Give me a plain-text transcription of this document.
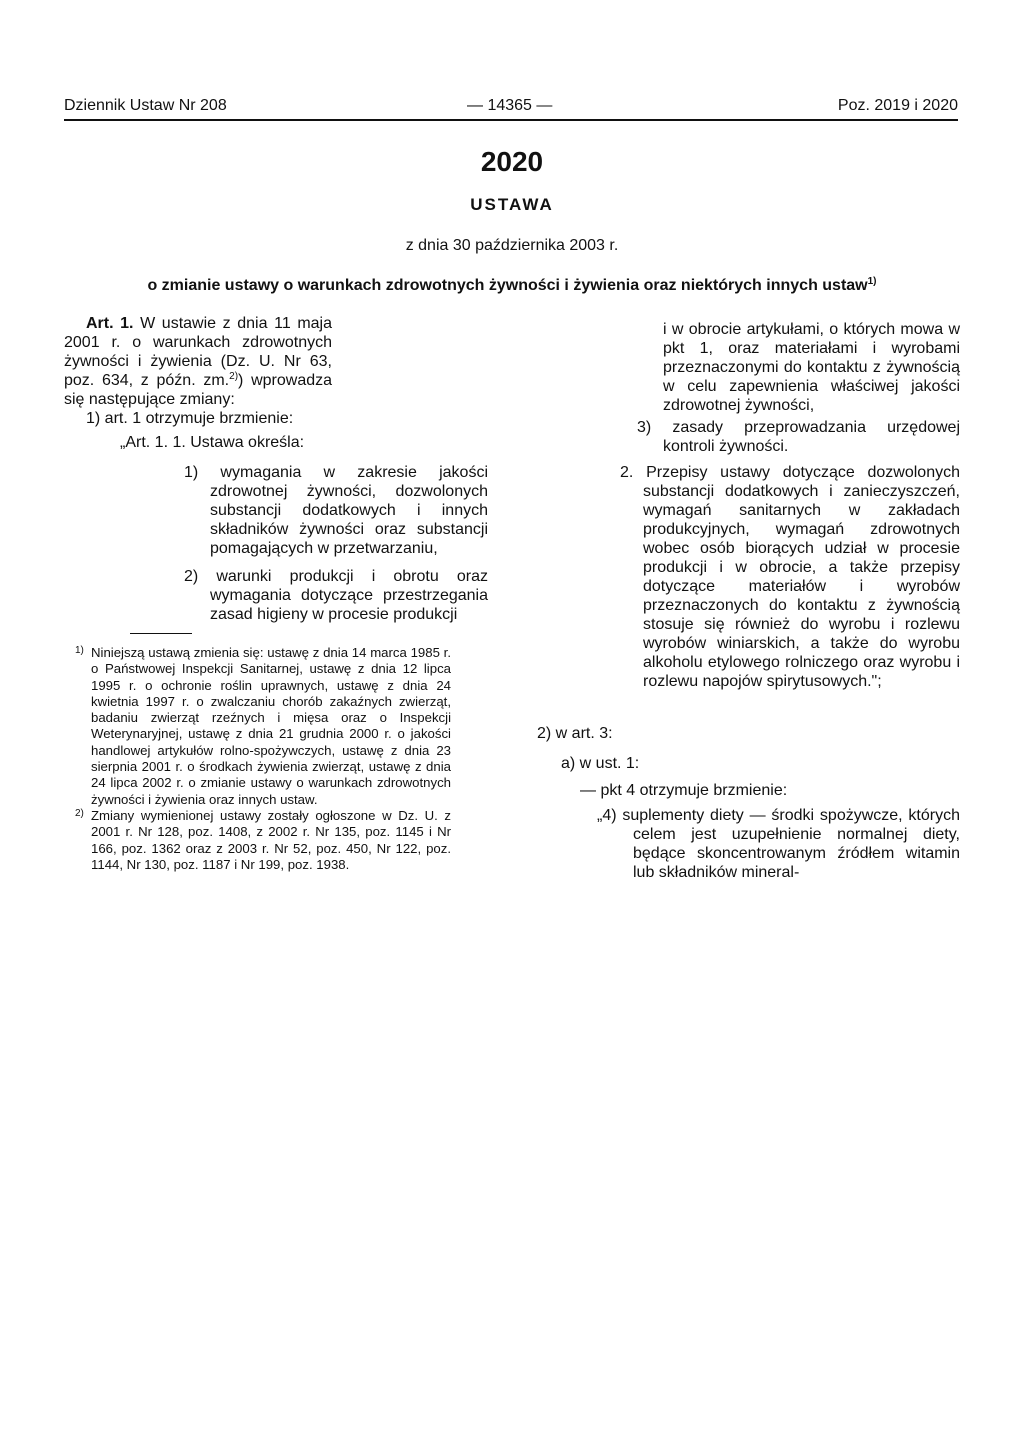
Dziennik Ustaw Nr 208	— 14365 —	Poz. 2019 i 2020
2020
USTAWA
z dnia 30 października 2003 r.
o zmianie ustawy o warunkach zdrowotnych żywności i żywienia oraz niektórych innych ustaw$^{1)}$
Art. 1. W ustawie z dnia 11 maja 2001 r. o warunkach zdrowotnych żywności i żywienia (Dz. U. Nr 63, poz. 634, z późn. zm.$^{2)}$) wprowadza się następujące zmiany:
1) art. 1 otrzymuje brzmienie:
„Art. 1. 1. Ustawa określa:
1) wymagania w zakresie jakości zdrowotnej żywności, dozwolonych substancji dodatkowych i innych składników żywności oraz substancji pomagających w przetwarzaniu,
2) warunki produkcji i obrotu oraz wymagania dotyczące przestrzegania zasad higieny w procesie produkcji
1) Niniejszą ustawą zmienia się: ustawę z dnia 14 marca 1985 r. o Państwowej Inspekcji Sanitarnej, ustawę z dnia 12 lipca 1995 r. o ochronie roślin uprawnych, ustawę z dnia 24 kwietnia 1997 r. o zwalczaniu chorób zakaźnych zwierząt, badaniu zwierząt rzeźnych i mięsa oraz o Inspekcji Weterynaryjnej, ustawę z dnia 21 grudnia 2000 r. o jakości handlowej artykułów rolno-spożywczych, ustawę z dnia 23 sierpnia 2001 r. o środkach żywienia zwierząt, ustawę z dnia 24 lipca 2002 r. o zmianie ustawy o warunkach zdrowotnych żywności i żywienia oraz innych ustaw.
2) Zmiany wymienionej ustawy zostały ogłoszone w Dz. U. z 2001 r. Nr 128, poz. 1408, z 2002 r. Nr 135, poz. 1145 i Nr 166, poz. 1362 oraz z 2003 r. Nr 52, poz. 450, Nr 122, poz. 1144, Nr 130, poz. 1187 i Nr 199, poz. 1938.
i w obrocie artykułami, o których mowa w pkt 1, oraz materiałami i wyrobami przeznaczonymi do kontaktu z żywnością w celu zapewnienia właściwej jakości zdrowotnej żywności,
3) zasady przeprowadzania urzędowej kontroli żywności.
2. Przepisy ustawy dotyczące dozwolonych substancji dodatkowych i zanieczyszczeń, wymagań sanitarnych w zakładach produkcyjnych, wymagań zdrowotnych wobec osób biorących udział w procesie produkcji i w obrocie, a także przepisy dotyczące materiałów i wyrobów przeznaczonych do kontaktu z żywnością stosuje się również do wyrobu i rozlewu wyrobów winiarskich, a także do wyrobu alkoholu etylowego rolniczego oraz wyrobu i rozlewu napojów spirytusowych.";
2) w art. 3:
a) w ust. 1:
— pkt 4 otrzymuje brzmienie:
„4) suplementy diety — środki spożywcze, których celem jest uzupełnienie normalnej diety, będące skoncentrowanym źródłem witamin lub składników mineral-
